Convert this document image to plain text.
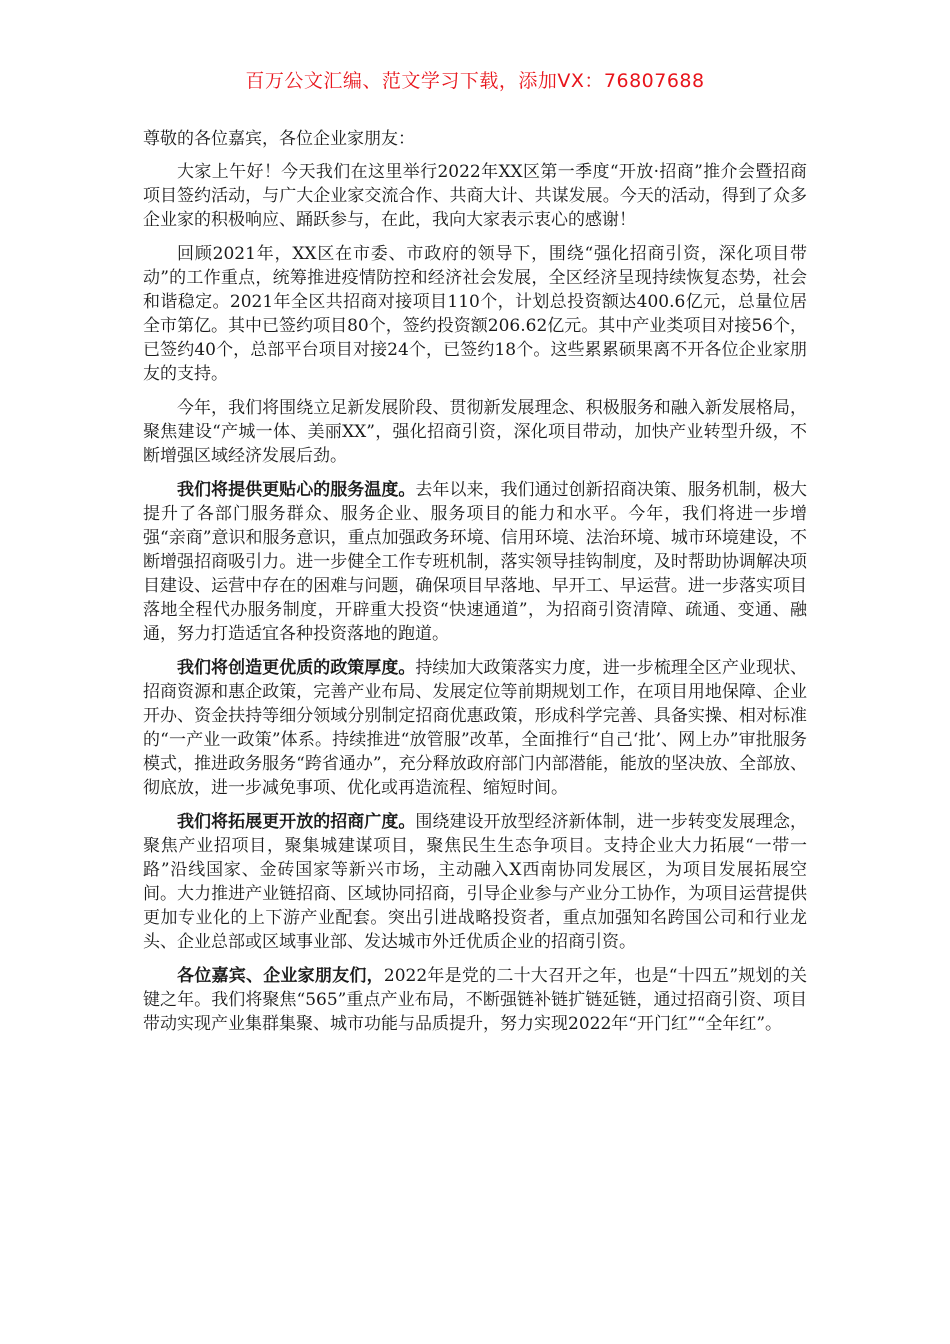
百万公文汇编、范文学习下载，添加VX：76807688

尊敬的各位嘉宾，各位企业家朋友：

大家上午好！今天我们在这里举行2022年XX区第一季度“开放·招商”推介会暨招商项目签约活动，与广大企业家交流合作、共商大计、共谋发展。今天的活动，得到了众多企业家的积极响应、踊跃参与，在此，我向大家表示衷心的感谢！

回顾2021年，XX区在市委、市政府的领导下，围绕“强化招商引资，深化项目带动”的工作重点，统筹推进疫情防控和经济社会发展，全区经济呈现持续恢复态势，社会和谐稳定。2021年全区共招商对接项目110个，计划总投资额达400.6亿元，总量位居全市第亿。其中已签约项目80个，签约投资额206.62亿元。其中产业类项目对接56个，已签约40个，总部平台项目对接24个，已签约18个。这些累累硕果离不开各位企业家朋友的支持。

今年，我们将围绕立足新发展阶段、贯彻新发展理念、积极服务和融入新发展格局，聚焦建设“产城一体、美丽XX”，强化招商引资，深化项目带动，加快产业转型升级，不断增强区域经济发展后劲。

我们将提供更贴心的服务温度。去年以来，我们通过创新招商决策、服务机制，极大提升了各部门服务群众、服务企业、服务项目的能力和水平。今年，我们将进一步增强“亲商”意识和服务意识，重点加强政务环境、信用环境、法治环境、城市环境建设，不断增强招商吸引力。进一步健全工作专班机制，落实领导挂钩制度，及时帮助协调解决项目建设、运营中存在的困难与问题，确保项目早落地、早开工、早运营。进一步落实项目落地全程代办服务制度，开辟重大投资“快速通道”，为招商引资清障、疏通、变通、融通，努力打造适宜各种投资落地的跑道。

我们将创造更优质的政策厚度。持续加大政策落实力度，进一步梳理全区产业现状、招商资源和惠企政策，完善产业布局、发展定位等前期规划工作，在项目用地保障、企业开办、资金扶持等细分领域分别制定招商优惠政策，形成科学完善、具备实操、相对标准的“一产业一政策”体系。持续推进“放管服”改革，全面推行“自己‘批’、网上办”审批服务模式，推进政务服务“跨省通办”，充分释放政府部门内部潜能，能放的坚决放、全部放、彻底放，进一步减免事项、优化或再造流程、缩短时间。

我们将拓展更开放的招商广度。围绕建设开放型经济新体制，进一步转变发展理念，聚焦产业招项目，聚集城建谋项目，聚焦民生生态争项目。支持企业大力拓展“一带一路”沿线国家、金砖国家等新兴市场，主动融入X西南协同发展区，为项目发展拓展空间。大力推进产业链招商、区域协同招商，引导企业参与产业分工协作，为项目运营提供更加专业化的上下游产业配套。突出引进战略投资者，重点加强知名跨国公司和行业龙头、企业总部或区域事业部、发达城市外迁优质企业的招商引资。

各位嘉宾、企业家朋友们，2022年是党的二十大召开之年，也是“十四五”规划的关键之年。我们将聚焦“565”重点产业布局，不断强链补链扩链延链，通过招商引资、项目带动实现产业集群集聚、城市功能与品质提升，努力实现2022年“开门红”“全年红”。
